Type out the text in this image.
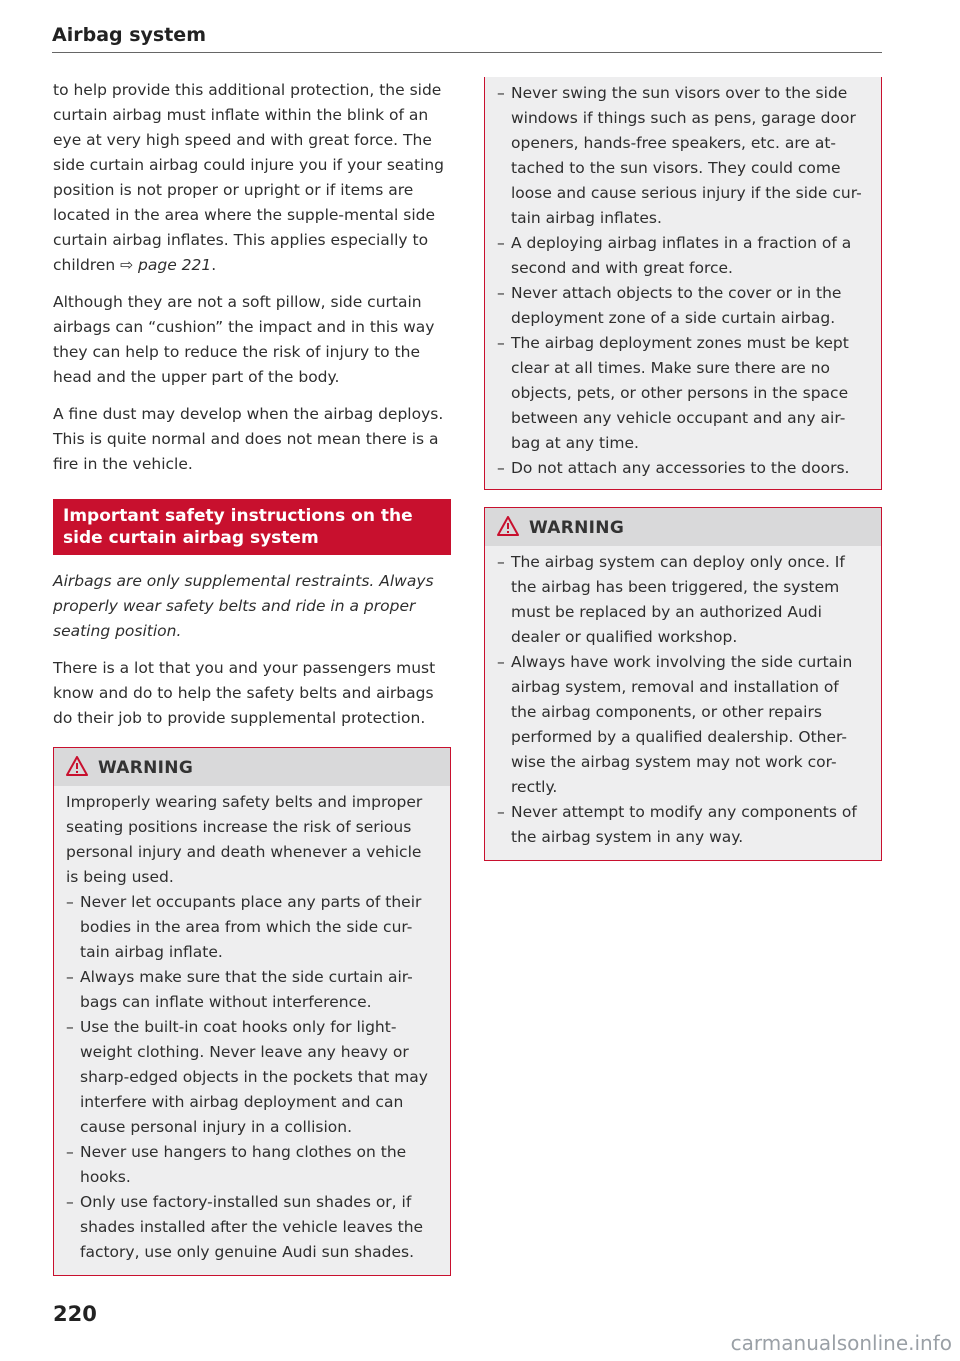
Airbag system

to help provide this additional protection, the side curtain airbag must inflate within the blink of an eye at very high speed and with great force. The side curtain airbag could injure you if your seating position is not proper or upright or if items are located in the area where the supple-mental side curtain airbag inflates. This applies especially to children ⇨ page 221.

Although they are not a soft pillow, side curtain airbags can “cushion” the impact and in this way they can help to reduce the risk of injury to the head and the upper part of the body.

A fine dust may develop when the airbag deploys. This is quite normal and does not mean there is a fire in the vehicle.

Important safety instructions on the side curtain airbag system

Airbags are only supplemental restraints. Always properly wear safety belts and ride in a proper seating position.

There is a lot that you and your passengers must know and do to help the safety belts and airbags do their job to provide supplemental protection.

WARNING

Improperly wearing safety belts and improper seating positions increase the risk of serious personal injury and death whenever a vehicle is being used.

– Never let occupants place any parts of their bodies in the area from which the side cur-tain airbag inflate.

– Always make sure that the side curtain air-bags can inflate without interference.

– Use the built-in coat hooks only for light-weight clothing. Never leave any heavy or sharp-edged objects in the pockets that may interfere with airbag deployment and can cause personal injury in a collision.

– Never use hangers to hang clothes on the hooks.

– Only use factory-installed sun shades or, if shades installed after the vehicle leaves the factory, use only genuine Audi sun shades.

– Never swing the sun visors over to the side windows if things such as pens, garage door openers, hands-free speakers, etc. are at-tached to the sun visors. They could come loose and cause serious injury if the side cur-tain airbag inflates.

– A deploying airbag inflates in a fraction of a second and with great force.

– Never attach objects to the cover or in the deployment zone of a side curtain airbag.

– The airbag deployment zones must be kept clear at all times. Make sure there are no objects, pets, or other persons in the space between any vehicle occupant and any air-bag at any time.

– Do not attach any accessories to the doors.

WARNING
– The airbag system can deploy only once. If the airbag has been triggered, the system must be replaced by an authorized Audi dealer or qualified workshop.

– Always have work involving the side curtain airbag system, removal and installation of the airbag components, or other repairs performed by a qualified dealership. Other-wise the airbag system may not work cor-rectly.

– Never attempt to modify any components of the airbag system in any way.

220
carmanualsonline.info
